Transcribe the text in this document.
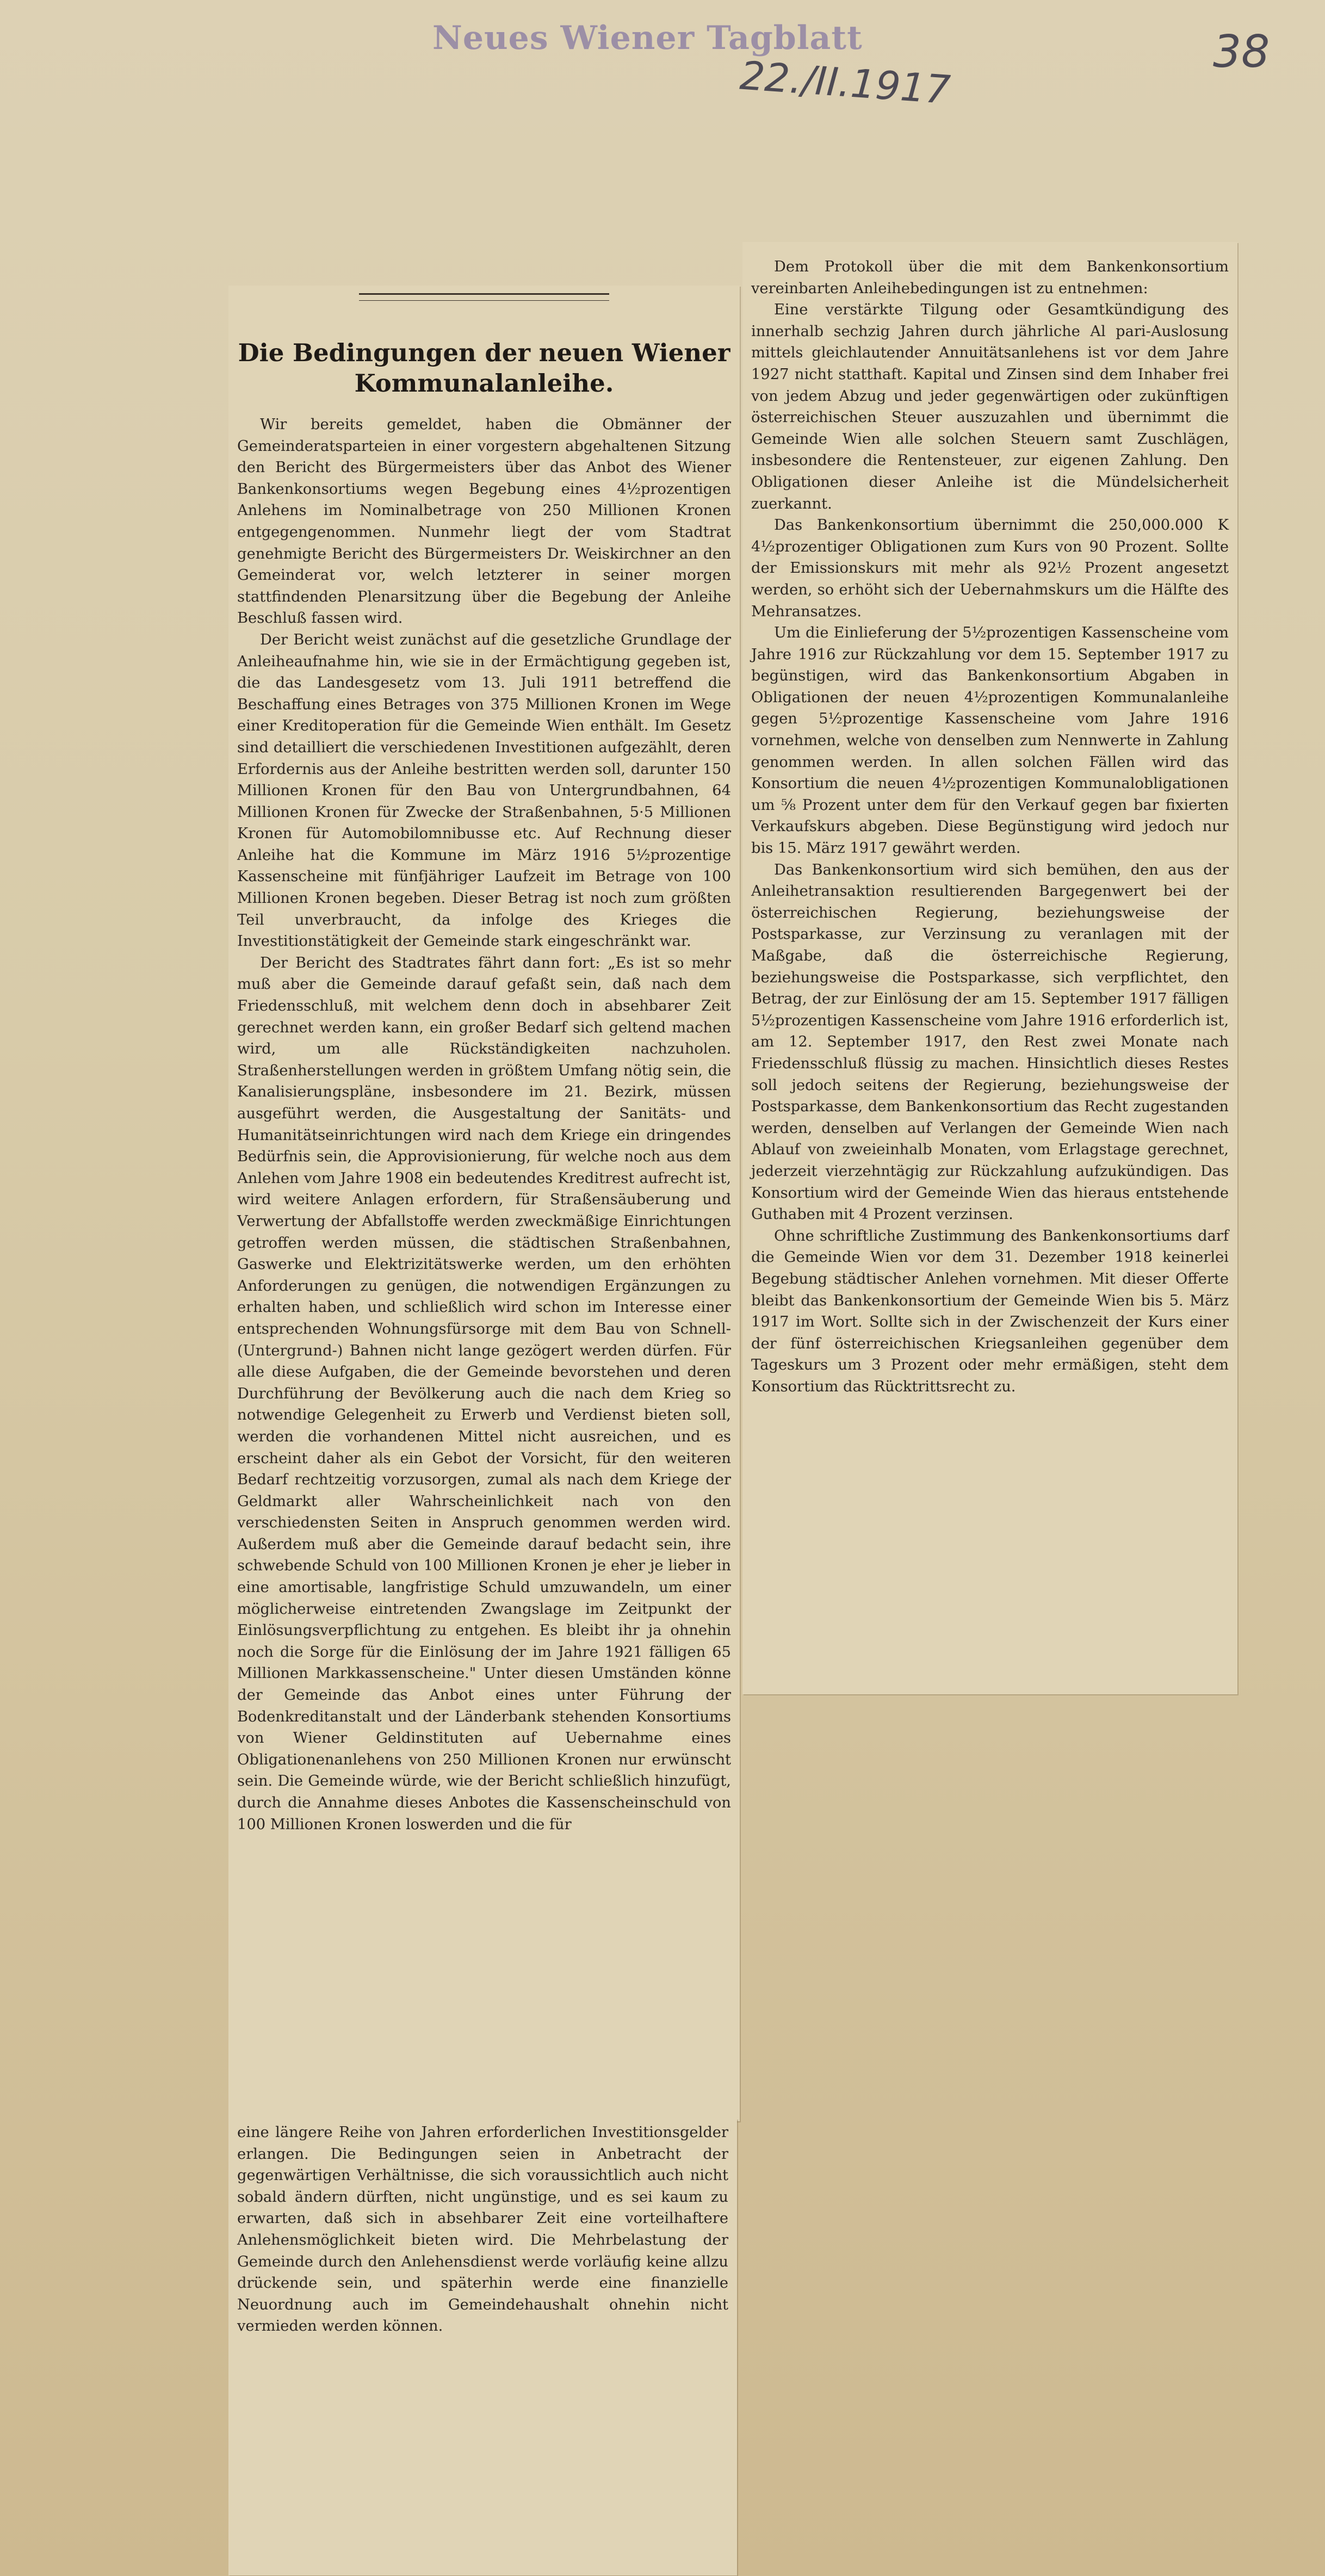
Neues Wiener Tagblatt
22./II.1917
38
Die Bedingungen der neuen Wiener Kommunalanleihe.

Wir bereits gemeldet, haben die Obmänner der Gemeinderatsparteien in einer vorgestern abgehaltenen Sitzung den Bericht des Bürgermeisters über das Anbot des Wiener Bankenkonsortiums wegen Begebung eines 4½prozentigen Anlehens im Nominalbetrage von 250 Millionen Kronen entgegengenommen. Nunmehr liegt der vom Stadtrat genehmigte Bericht des Bürgermeisters Dr. Weiskirchner an den Gemeinderat vor, welch letzterer in seiner morgen stattfindenden Plenarsitzung über die Begebung der Anleihe Beschluß fassen wird.

Der Bericht weist zunächst auf die gesetzliche Grundlage der Anleiheaufnahme hin, wie sie in der Ermächtigung gegeben ist, die das Landesgesetz vom 13. Juli 1911 betreffend die Beschaffung eines Betrages von 375 Millionen Kronen im Wege einer Kreditoperation für die Gemeinde Wien enthält. Im Gesetz sind detailliert die verschiedenen Investitionen aufgezählt, deren Erfordernis aus der Anleihe bestritten werden soll, darunter 150 Millionen Kronen für den Bau von Untergrundbahnen, 64 Millionen Kronen für Zwecke der Straßenbahnen, 5·5 Millionen Kronen für Automobilomnibusse etc. Auf Rechnung dieser Anleihe hat die Kommune im März 1916 5½prozentige Kassenscheine mit fünfjähriger Laufzeit im Betrage von 100 Millionen Kronen begeben. Dieser Betrag ist noch zum größten Teil unverbraucht, da infolge des Krieges die Investitionstätigkeit der Gemeinde stark eingeschränkt war.

Der Bericht des Stadtrates fährt dann fort: „Es ist so mehr muß aber die Gemeinde darauf gefaßt sein, daß nach dem Friedensschluß, mit welchem denn doch in absehbarer Zeit gerechnet werden kann, ein großer Bedarf sich geltend machen wird, um alle Rückständigkeiten nachzuholen. Straßenherstellungen werden in größtem Umfang nötig sein, die Kanalisierungspläne, insbesondere im 21. Bezirk, müssen ausgeführt werden, die Ausgestaltung der Sanitäts- und Humanitätseinrichtungen wird nach dem Kriege ein dringendes Bedürfnis sein, die Approvisionierung, für welche noch aus dem Anlehen vom Jahre 1908 ein bedeutendes Kreditrest aufrecht ist, wird weitere Anlagen erfordern, für Straßensäuberung und Verwertung der Abfallstoffe werden zweckmäßige Einrichtungen getroffen werden müssen, die städtischen Straßenbahnen, Gaswerke und Elektrizitätswerke werden, um den erhöhten Anforderungen zu genügen, die notwendigen Ergänzungen zu erhalten haben, und schließlich wird schon im Interesse einer entsprechenden Wohnungsfürsorge mit dem Bau von Schnell- (Untergrund-) Bahnen nicht lange gezögert werden dürfen. Für alle diese Aufgaben, die der Gemeinde bevorstehen und deren Durchführung der Bevölkerung auch die nach dem Krieg so notwendige Gelegenheit zu Erwerb und Verdienst bieten soll, werden die vorhandenen Mittel nicht ausreichen, und es erscheint daher als ein Gebot der Vorsicht, für den weiteren Bedarf rechtzeitig vorzusorgen, zumal als nach dem Kriege der Geldmarkt aller Wahrscheinlichkeit nach von den verschiedensten Seiten in Anspruch genommen werden wird. Außerdem muß aber die Gemeinde darauf bedacht sein, ihre schwebende Schuld von 100 Millionen Kronen je eher je lieber in eine amortisable, langfristige Schuld umzuwandeln, um einer möglicherweise eintretenden Zwangslage im Zeitpunkt der Einlösungsverpflichtung zu entgehen. Es bleibt ihr ja ohnehin noch die Sorge für die Einlösung der im Jahre 1921 fälligen 65 Millionen Markkassenscheine." Unter diesen Umständen könne der Gemeinde das Anbot eines unter Führung der Bodenkreditanstalt und der Länderbank stehenden Konsortiums von Wiener Geldinstituten auf Uebernahme eines Obligationenanlehens von 250 Millionen Kronen nur erwünscht sein. Die Gemeinde würde, wie der Bericht schließlich hinzufügt, durch die Annahme dieses Anbotes die Kassenscheinschuld von 100 Millionen Kronen loswerden und die für

eine längere Reihe von Jahren erforderlichen Investitionsgelder erlangen. Die Bedingungen seien in Anbetracht der gegenwärtigen Verhältnisse, die sich voraussichtlich auch nicht sobald ändern dürften, nicht ungünstige, und es sei kaum zu erwarten, daß sich in absehbarer Zeit eine vorteilhaftere Anlehensmöglichkeit bieten wird. Die Mehrbelastung der Gemeinde durch den Anlehensdienst werde vorläufig keine allzu drückende sein, und späterhin werde eine finanzielle Neuordnung auch im Gemeindehaushalt ohnehin nicht vermieden werden können.

Dem Protokoll über die mit dem Bankenkonsortium vereinbarten Anleihebedingungen ist zu entnehmen:

Eine verstärkte Tilgung oder Gesamtkündigung des innerhalb sechzig Jahren durch jährliche Al pari-Auslosung mittels gleichlautender Annuitätsanlehens ist vor dem Jahre 1927 nicht statthaft. Kapital und Zinsen sind dem Inhaber frei von jedem Abzug und jeder gegenwärtigen oder zukünftigen österreichischen Steuer auszuzahlen und übernimmt die Gemeinde Wien alle solchen Steuern samt Zuschlägen, insbesondere die Rentensteuer, zur eigenen Zahlung. Den Obligationen dieser Anleihe ist die Mündelsicherheit zuerkannt.

Das Bankenkonsortium übernimmt die 250,000.000 K 4½prozentiger Obligationen zum Kurs von 90 Prozent. Sollte der Emissionskurs mit mehr als 92½ Prozent angesetzt werden, so erhöht sich der Uebernahmskurs um die Hälfte des Mehransatzes.

Um die Einlieferung der 5½prozentigen Kassenscheine vom Jahre 1916 zur Rückzahlung vor dem 15. September 1917 zu begünstigen, wird das Bankenkonsortium Abgaben in Obligationen der neuen 4½prozentigen Kommunalanleihe gegen 5½prozentige Kassenscheine vom Jahre 1916 vornehmen, welche von denselben zum Nennwerte in Zahlung genommen werden. In allen solchen Fällen wird das Konsortium die neuen 4½prozentigen Kommunalobligationen um ⅝ Prozent unter dem für den Verkauf gegen bar fixierten Verkaufskurs abgeben. Diese Begünstigung wird jedoch nur bis 15. März 1917 gewährt werden.

Das Bankenkonsortium wird sich bemühen, den aus der Anleihetransaktion resultierenden Bargegenwert bei der österreichischen Regierung, beziehungsweise der Postsparkasse, zur Verzinsung zu veranlagen mit der Maßgabe, daß die österreichische Regierung, beziehungsweise die Postsparkasse, sich verpflichtet, den Betrag, der zur Einlösung der am 15. September 1917 fälligen 5½prozentigen Kassenscheine vom Jahre 1916 erforderlich ist, am 12. September 1917, den Rest zwei Monate nach Friedensschluß flüssig zu machen. Hinsichtlich dieses Restes soll jedoch seitens der Regierung, beziehungsweise der Postsparkasse, dem Bankenkonsortium das Recht zugestanden werden, denselben auf Verlangen der Gemeinde Wien nach Ablauf von zweieinhalb Monaten, vom Erlagstage gerechnet, jederzeit vierzehntägig zur Rückzahlung aufzukündigen. Das Konsortium wird der Gemeinde Wien das hieraus entstehende Guthaben mit 4 Prozent verzinsen.

Ohne schriftliche Zustimmung des Bankenkonsortiums darf die Gemeinde Wien vor dem 31. Dezember 1918 keinerlei Begebung städtischer Anlehen vornehmen. Mit dieser Offerte bleibt das Bankenkonsortium der Gemeinde Wien bis 5. März 1917 im Wort. Sollte sich in der Zwischenzeit der Kurs einer der fünf österreichischen Kriegsanleihen gegenüber dem Tageskurs um 3 Prozent oder mehr ermäßigen, steht dem Konsortium das Rücktrittsrecht zu.
